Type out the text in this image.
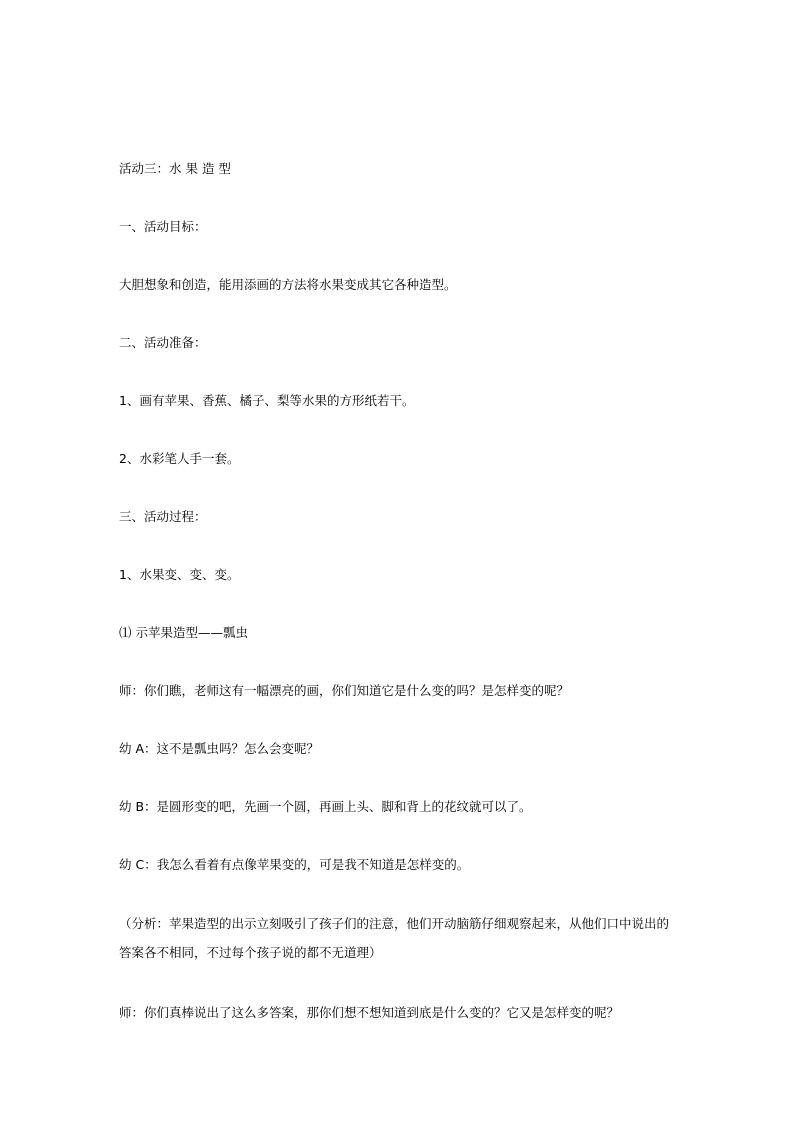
活动三：水 果 造 型
一、活动目标：
大胆想象和创造，能用添画的方法将水果变成其它各种造型。
二、活动准备：
1、画有苹果、香蕉、橘子、梨等水果的方形纸若干。
2、水彩笔人手一套。
三、活动过程：
1、水果变、变、变。
⑴ 示苹果造型——瓢虫
师：你们瞧，老师这有一幅漂亮的画，你们知道它是什么变的吗？是怎样变的呢？
幼 A：这不是瓢虫吗？怎么会变呢？
幼 B：是圆形变的吧，先画一个圆，再画上头、脚和背上的花纹就可以了。
幼 C：我怎么看着有点像苹果变的，可是我不知道是怎样变的。
（分析：苹果造型的出示立刻吸引了孩子们的注意，他们开动脑筋仔细观察起来，从他们口中说出的答案各不相同，不过每个孩子说的都不无道理）
师：你们真棒说出了这么多答案，那你们想不想知道到底是什么变的？它又是怎样变的呢？
